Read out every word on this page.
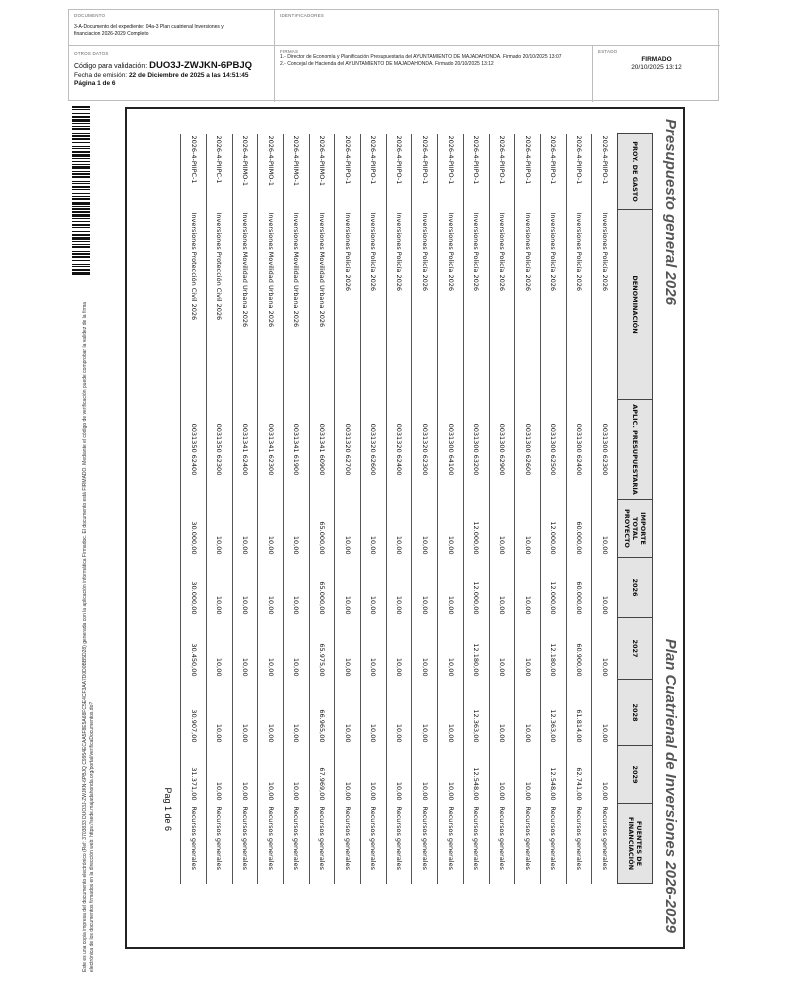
DOCUMENTO
3-A-Documento del expediente: 04a-3 Plan cuatrienal Inversiones y financiacion 2026-2029 Completo
IDENTIFICADORES
OTROS DATOS
Código para validación: DUO3J-ZWJKN-6PBJQ
Fecha de emisión: 22 de Diciembre de 2025 a las 14:51:45
Página 1 de 6
FIRMAS
1.- Director de Economía y Planificación Presupuestaria del AYUNTAMIENTO DE MAJADAHONDA. Firmado 20/10/2025 13:07
2.- Concejal de Hacienda del AYUNTAMIENTO DE MAJADAHONDA. Firmado 20/10/2025 13:12
ESTADO
FIRMADO
20/10/2025 13:12
Este es una copia impresa del documento electrónico (Ref: 3703833 DUO3J-ZWJKN-6PBJQ C9954ECAA5F8E5A68FC5E4CF3AA7D0D0BB5D28) generada con la aplicación informática Firmadoc. El documento está FIRMADO. Mediante el código de verificación puede comprobar la validez de la firma electrónica de los documentos firmados en la dirección web: https://sede.majadahonda.org/portal/verificaDocumentos.do?
Presupuesto general 2026
Plan Cuatrienal de Inversiones 2026-2029
PROY. DE GASTO	DENOMINACIÓN	APLIC. PRESUPUESTARIA	IMPORTE TOTAL PROYECTO	2026	2027	2028	2029	FUENTES DE FINANCIACIÓN
2026-4-PIIPO-1	Inversiones Policía 2026	0031300 62300	10,00	10,00	10,00	10,00	10,00	Recursos generales
2026-4-PIIPO-1	Inversiones Policía 2026	0031300 62400	60.000,00	60.000,00	60.900,00	61.814,00	62.741,00	Recursos generales
2026-4-PIIPO-1	Inversiones Policía 2026	0031300 62500	12.000,00	12.000,00	12.180,00	12.363,00	12.548,00	Recursos generales
2026-4-PIIPO-1	Inversiones Policía 2026	0031300 62600	10,00	10,00	10,00	10,00	10,00	Recursos generales
2026-4-PIIPO-1	Inversiones Policía 2026	0031300 62900	10,00	10,00	10,00	10,00	10,00	Recursos generales
2026-4-PIIPO-1	Inversiones Policía 2026	0031300 63200	12.000,00	12.000,00	12.180,00	12.363,00	12.548,00	Recursos generales
2026-4-PIIPO-1	Inversiones Policía 2026	0031300 64100	10,00	10,00	10,00	10,00	10,00	Recursos generales
2026-4-PIIPO-1	Inversiones Policía 2026	0031320 62300	10,00	10,00	10,00	10,00	10,00	Recursos generales
2026-4-PIIPO-1	Inversiones Policía 2026	0031320 62400	10,00	10,00	10,00	10,00	10,00	Recursos generales
2026-4-PIIPO-1	Inversiones Policía 2026	0031320 62600	10,00	10,00	10,00	10,00	10,00	Recursos generales
2026-4-PIIPO-1	Inversiones Policía 2026	0031320 62700	10,00	10,00	10,00	10,00	10,00	Recursos generales
2026-4-PIIMO-1	Inversiones Movilidad Urbana 2026	0031341 60900	65.000,00	65.000,00	65.975,00	66.965,00	67.969,00	Recursos generales
2026-4-PIIMO-1	Inversiones Movilidad Urbana 2026	0031341 61900	10,00	10,00	10,00	10,00	10,00	Recursos generales
2026-4-PIIMO-1	Inversiones Movilidad Urbana 2026	0031341 62300	10,00	10,00	10,00	10,00	10,00	Recursos generales
2026-4-PIIMO-1	Inversiones Movilidad Urbana 2026	0031341 62400	10,00	10,00	10,00	10,00	10,00	Recursos generales
2026-4-PIIPC-1	Inversiones Protección Civil 2026	0031350 62300	10,00	10,00	10,00	10,00	10,00	Recursos generales
2026-4-PIIPC-1	Inversiones Protección Civil 2026	0031350 62400	30.000,00	30.000,00	30.450,00	30.907,00	31.371,00	Recursos generales
Pag 1 de 6
